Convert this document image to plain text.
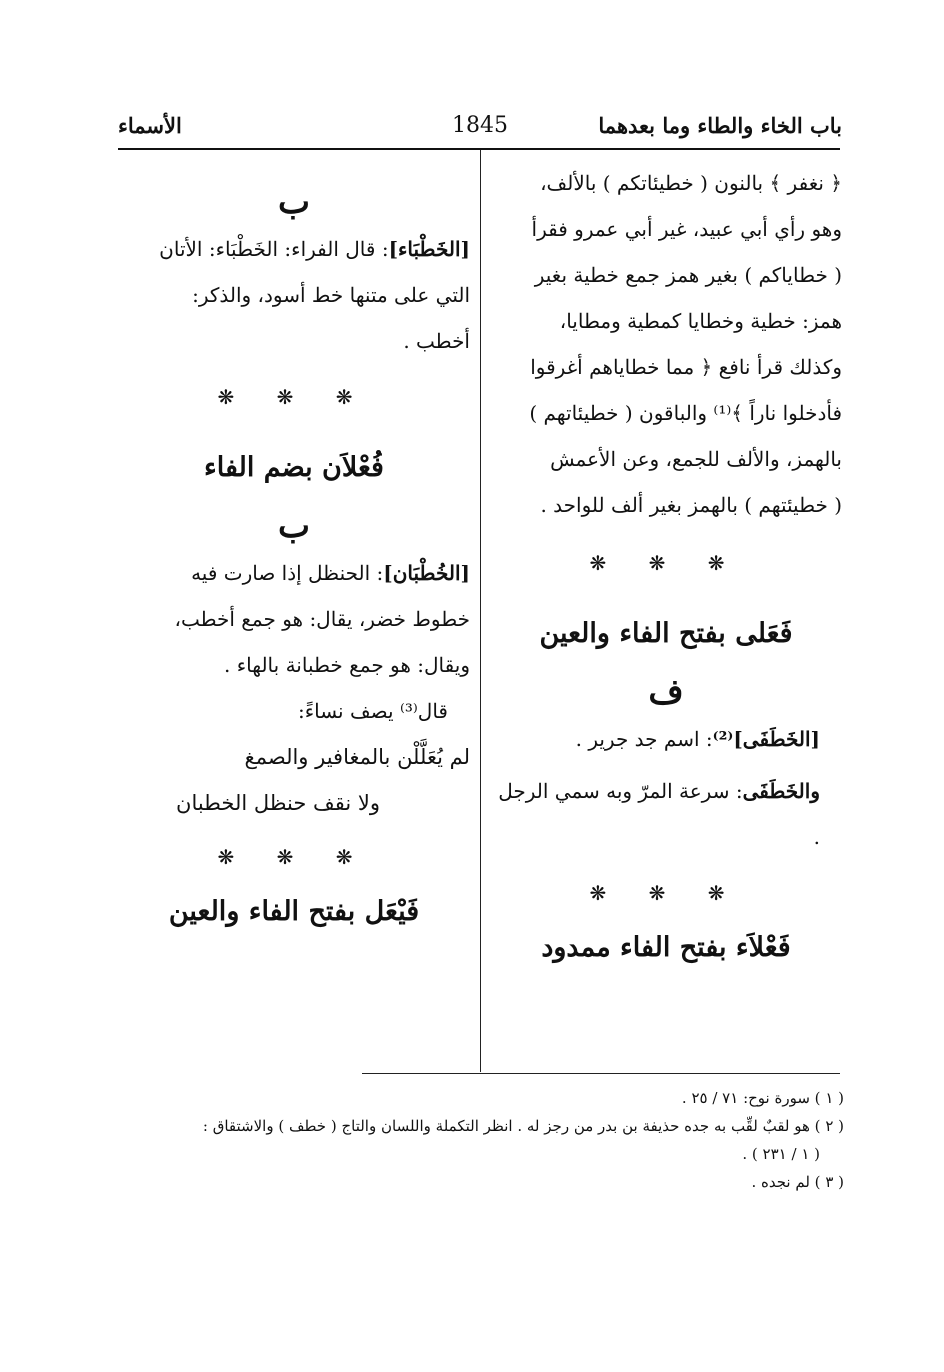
باب الخاء والطاء وما بعدهما
1845
الأسماء
﴿ نغفر ﴾ بالنون ( خطيئاتكم ) بالألف،
وهو رأي أبي عبيد، غير أبي عمرو فقرأ
( خطاياكم ) بغير همز جمع خطية بغير
همز: خطية وخطايا كمطية ومطايا،
وكذلك قرأ نافع ﴿ مما خطاياهم أغرقوا
فأدخلوا ناراً ﴾⁽¹⁾ والباقون ( خطيئاتهم )
بالهمز، والألف للجمع، وعن الأعمش
( خطيئتهم ) بالهمز بغير ألف للواحد .
❋ ❋ ❋
فَعَلى بفتح الفاء والعين
ف
[الخَطَفَى]⁽²⁾: اسم جد جرير .
والخَطَفَى: سرعة المرّ وبه سمي الرجل .
❋ ❋ ❋
فَعْلاَء بفتح الفاء ممدود
ب
[الخَطْبَاء]: قال الفراء: الخَطْبَاء: الأتان
التي على متنها خط أسود، والذكر:
أخطب .
❋ ❋ ❋
فُعْلاَن بضم الفاء
ب
[الخُطْبَان]: الحنظل إذا صارت فيه
خطوط خضر، يقال: هو جمع أخطب،
ويقال: هو جمع خطبانة بالهاء .
قال⁽³⁾ يصف نساءً:
لم يُعَلَّلْن بالمغافير والصمغ
ولا نقف حنظل الخطبان
❋ ❋ ❋
فَيْعَل بفتح الفاء والعين
( ١ ) سورة نوح: ٧١ / ٢٥ .
( ٢ ) هو لقبٌ لقِّب به جده حذيفة بن بدر من رجز له . انظر التكملة واللسان والتاج ( خطف ) والاشتقاق :
( ١ / ٢٣١ ) .
( ٣ ) لم نجده .
